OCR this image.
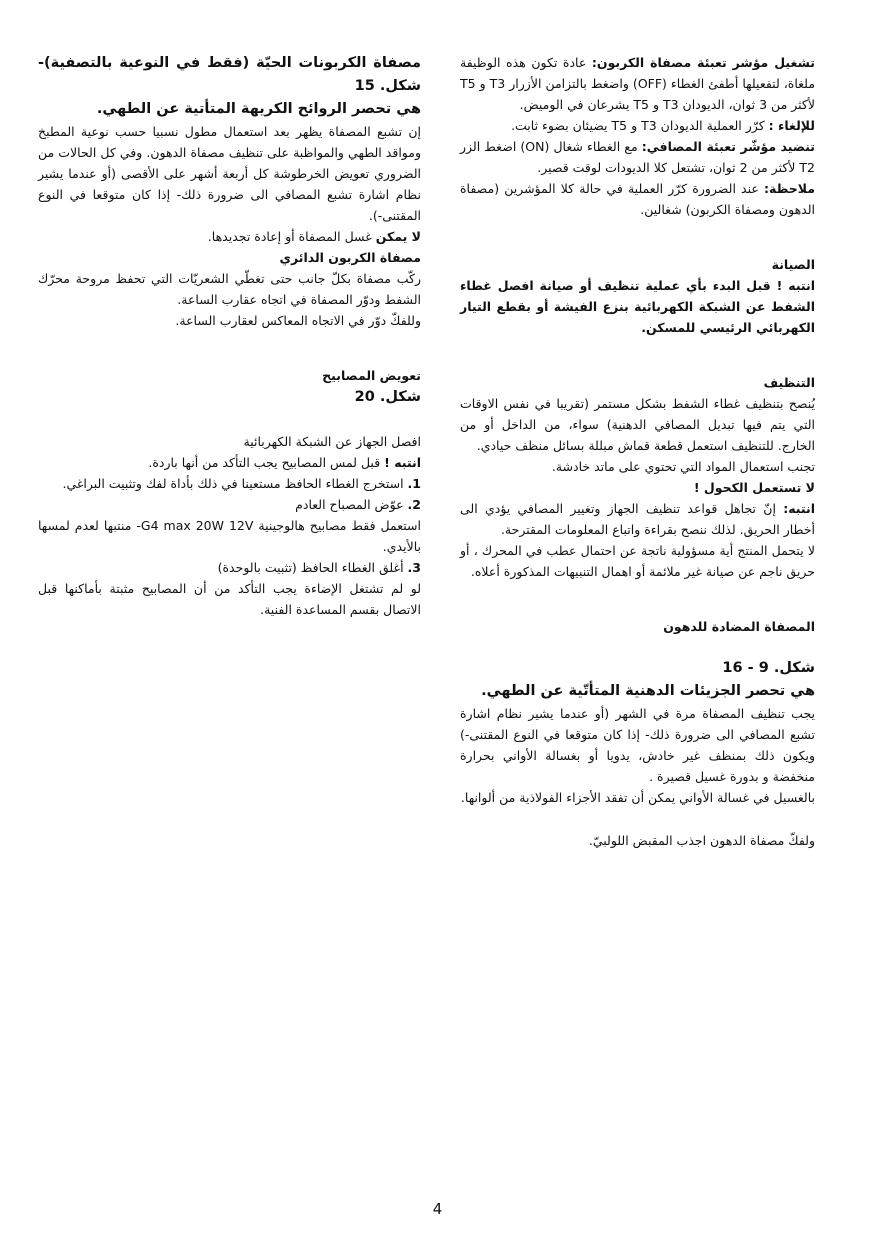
تشغيل مؤشر تعبئة مصفاة الكربون: عادة تكون هذه الوظيفة ملغاة، لتفعيلها أطفئ الغطاء (OFF) واضغط بالتزامن الأزرار T3 و T5 لأكثر من 3 ثوان، الديودان T3 و T5 يشرعان في الوميض.

للإلغاء : كرّر العملية الديودان T3 و T5 يضيئان بضوء ثابت.

تنضيد مؤشّر تعبئة المصافي: مع الغطاء شغال (ON) اضغط الزر T2 لأكثر من 2 ثوان، تشتعل كلا الديودات لوقت قصير.

ملاحظة: عند الضرورة كرّر العملية في حالة كلا المؤشرين (مصفاة الدهون ومصفاة الكربون) شغالين.

الصيانة

انتبه ! قبل البدء بأي عملية تنظيف أو صيانة افصل غطاء الشفط عن الشبكة الكهربائية بنزع الفيشة أو بقطع التيار الكهربائي الرئيسي للمسكن.

التنظيف

يُنصح بتنظيف غطاء الشفط بشكل مستمر (تقريبا في نفس الاوقات التي يتم فيها تبديل المصافي الدهنية) سواء، من الداخل أو من الخارج. للتنظيف استعمل قطعة قماش مبللة بسائل منظف حيادي.

تجنب استعمال المواد التي تحتوي على ماتد خادشة.

لا تستعمل الكحول !

انتبه: إنّ تجاهل قواعد تنظيف الجهاز وتغيير المصافي يؤدي الى أخطار الحريق. لذلك ننصح بقراءة واتباع المعلومات المقترحة.

لا يتحمل المنتج أية مسؤولية ناتجة عن احتمال عطب في المحرك ، أو حريق ناجم عن صيانة غير ملائمة أو اهمال التنبيهات المذكورة أعلاه.

المصفاة المضادة للدهون

شكل. 9 - 16

هي تحصر الجزيئات الدهنية المتأتّية عن الطهي.

يجب تنظيف المصفاة مرة في الشهر (أو عندما يشير نظام اشارة تشبع المصافي الى ضرورة ذلك- إذا كان متوقعا في النوع المقتنى-) ويكون ذلك بمنظف غير خادش، يدويا أو بغسالة الأواني بحرارة منخفضة و بدورة غسيل قصيرة .

بالغسيل في غسالة الأواني يمكن أن تفقد الأجزاء الفولاذية من ألوانها.

ولفكّ مصفاة الدهون اجذب المقبض اللولبيّ.

مصفاة الكربونات الحيّة (فقط في النوعية بالتصفية)- شكل. 15

هي تحصر الروائح الكريهة المتأتية عن الطهي.

إن تشبع المصفاة يظهر بعد استعمال مطول نسبيا حسب نوعية المطبخ ومواقد الطهي والمواظبة على تنظيف مصفاة الدهون. وفي كل الحالات من الضروري تعويض الخرطوشة كل أربعة أشهر على الأقصى (أو عندما يشير نظام اشارة تشبع المصافي الى ضرورة ذلك- إذا كان متوقعا في النوع المقتنى-).

لا يمكن غسل المصفاة أو إعادة تجديدها.

مصفاة الكربون الدائري

ركّب مصفاة بكلّ جانب حتى تغطّي الشعريّات التي تحفظ مروحة محرّك الشفط ودوّر المصفاة في اتجاه عقارب الساعة.

وللفكّ دوّر في الاتجاه المعاكس لعقارب الساعة.

تعويض المصابيح

شكل. 20

افصل الجهاز عن الشبكة الكهربائية

انتبه ! قبل لمس المصابيح يجب التأكد من أنها باردة.

1. استخرج الغطاء الحافظ مستعينا في ذلك بأداة لفك وتثبيت البراغي.

2. عوّض المصباح العادم

استعمل فقط مصابيح هالوجينية G4 max 20W 12V- منتبها لعدم لمسها بالأيدي.

3. أغلق الغطاء الحافظ (تثبيت بالوحدة)

لو لم تشتغل الإضاءة يجب التأكد من أن المصابيح مثبتة بأماكنها قبل الاتصال بقسم المساعدة الفنية.

4
